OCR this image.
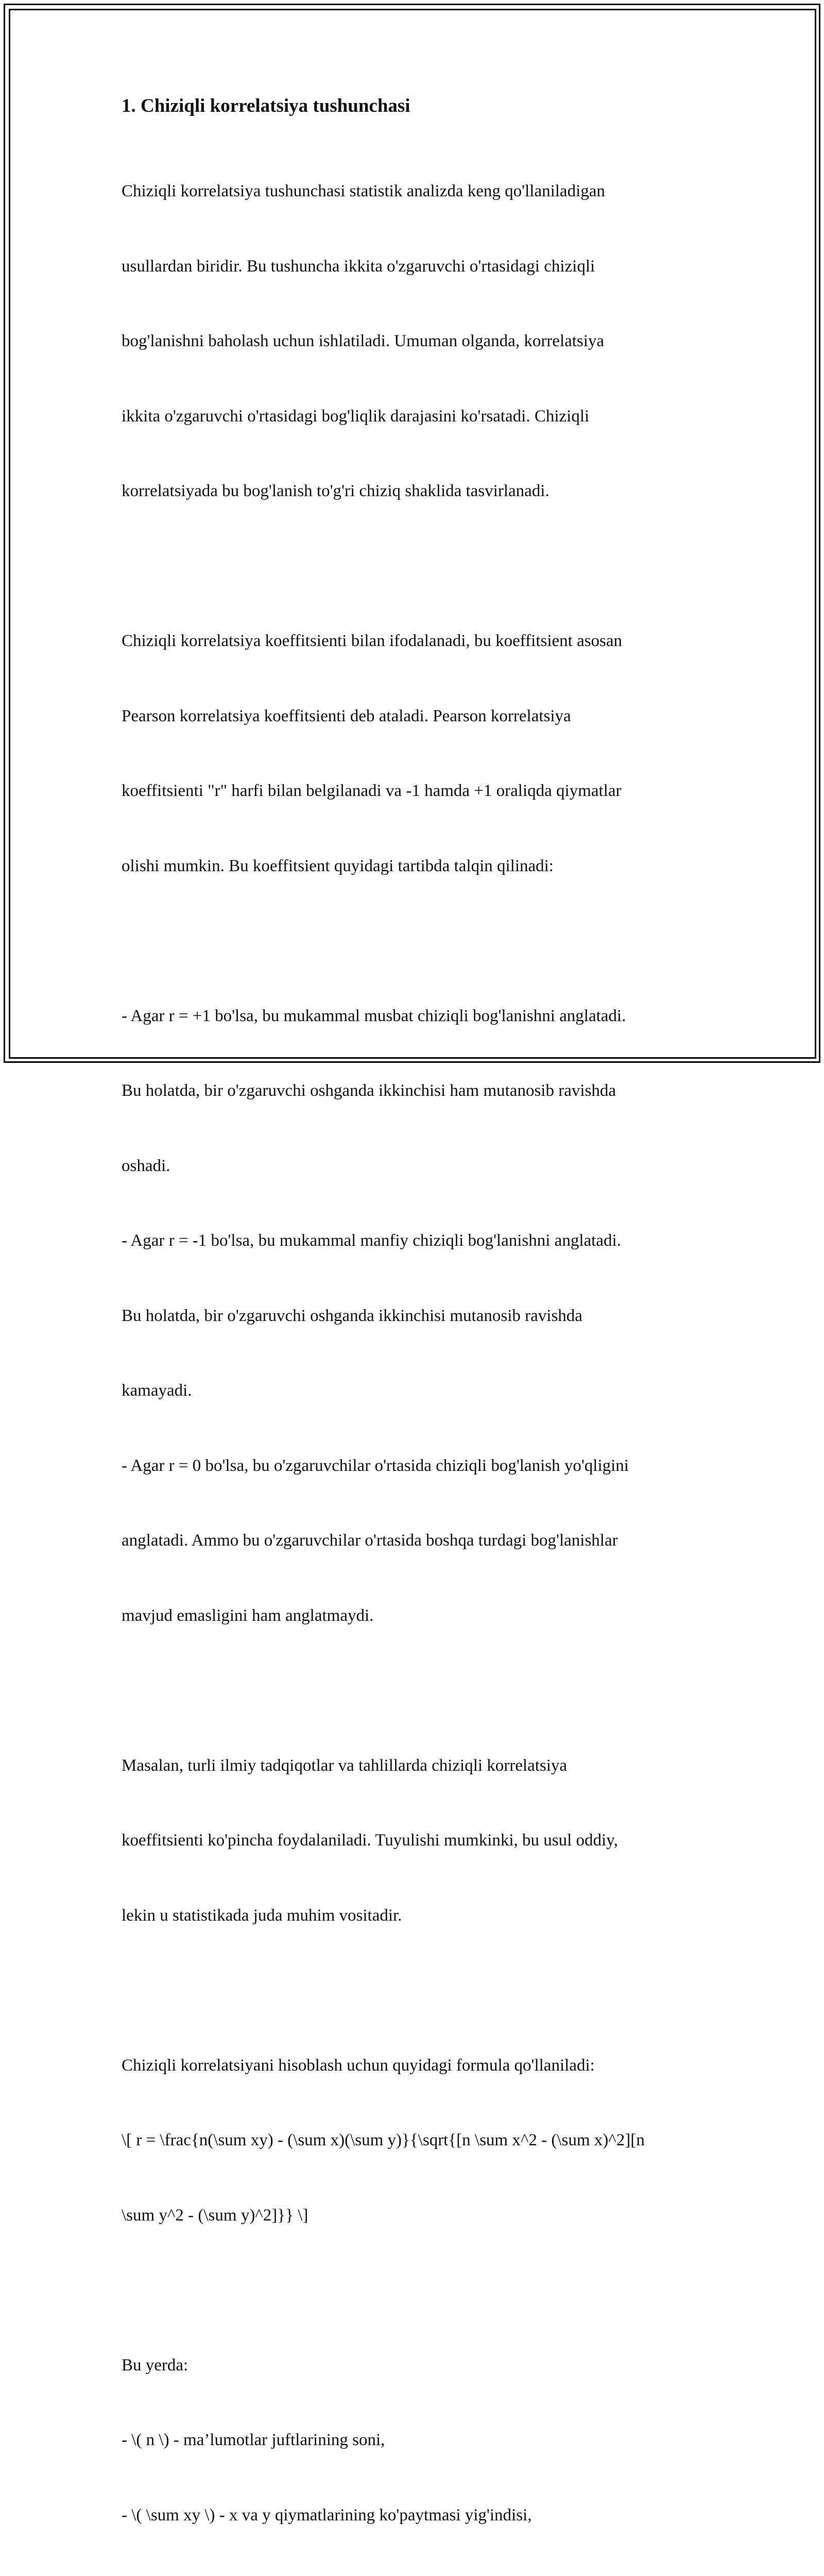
1. Chiziqli korrelatsiya tushunchasi

Chiziqli korrelatsiya tushunchasi statistik analizda keng qo'llaniladigan

usullardan biridir. Bu tushuncha ikkita o'zgaruvchi o'rtasidagi chiziqli

bog'lanishni baholash uchun ishlatiladi. Umuman olganda, korrelatsiya

ikkita o'zgaruvchi o'rtasidagi bog'liqlik darajasini ko'rsatadi. Chiziqli

korrelatsiyada bu bog'lanish to'g'ri chiziq shaklida tasvirlanadi.

Chiziqli korrelatsiya koeffitsienti bilan ifodalanadi, bu koeffitsient asosan

Pearson korrelatsiya koeffitsienti deb ataladi. Pearson korrelatsiya

koeffitsienti "r" harfi bilan belgilanadi va -1 hamda +1 oraliqda qiymatlar

olishi mumkin. Bu koeffitsient quyidagi tartibda talqin qilinadi:

- Agar r = +1 bo'lsa, bu mukammal musbat chiziqli bog'lanishni anglatadi.

Bu holatda, bir o'zgaruvchi oshganda ikkinchisi ham mutanosib ravishda

oshadi.

- Agar r = -1 bo'lsa, bu mukammal manfiy chiziqli bog'lanishni anglatadi.

Bu holatda, bir o'zgaruvchi oshganda ikkinchisi mutanosib ravishda

kamayadi.

- Agar r = 0 bo'lsa, bu o'zgaruvchilar o'rtasida chiziqli bog'lanish yo'qligini

anglatadi. Ammo bu o'zgaruvchilar o'rtasida boshqa turdagi bog'lanishlar

mavjud emasligini ham anglatmaydi.

Masalan, turli ilmiy tadqiqotlar va tahlillarda chiziqli korrelatsiya

koeffitsienti ko'pincha foydalaniladi. Tuyulishi mumkinki, bu usul oddiy,

lekin u statistikada juda muhim vositadir.

Chiziqli korrelatsiyani hisoblash uchun quyidagi formula qo'llaniladi:

\[ r = \frac{n(\sum xy) - (\sum x)(\sum y)}{\sqrt{[n \sum x^2 - (\sum x)^2][n

\sum y^2 - (\sum y)^2]}} \]

Bu yerda:

- \( n \) - ma’lumotlar juftlarining soni,

- \( \sum xy \) - x va y qiymatlarining ko'paytmasi yig'indisi,
